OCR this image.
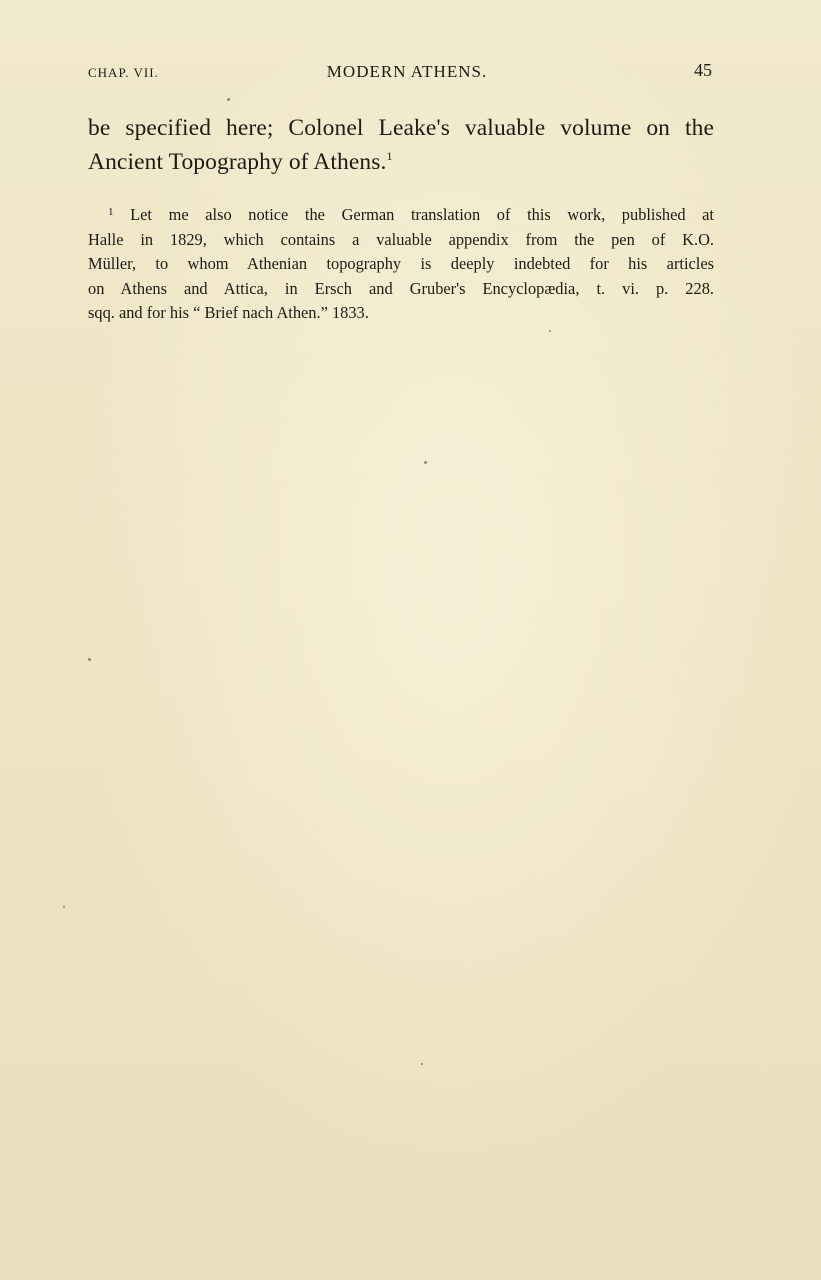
CHAP. VII.	MODERN ATHENS.	45
be specified here; Colonel Leake's valuable volume on the
Ancient Topography of Athens.$^1$
$^1$ Let me also notice the German translation of this work, published at
Halle in 1829, which contains a valuable appendix from the pen of K.O.
Müller, to whom Athenian topography is deeply indebted for his articles
on Athens and Attica, in Ersch and Gruber's Encyclopædia, t. vi. p. 228.
sqq. and for his “ Brief nach Athen.” 1833.
